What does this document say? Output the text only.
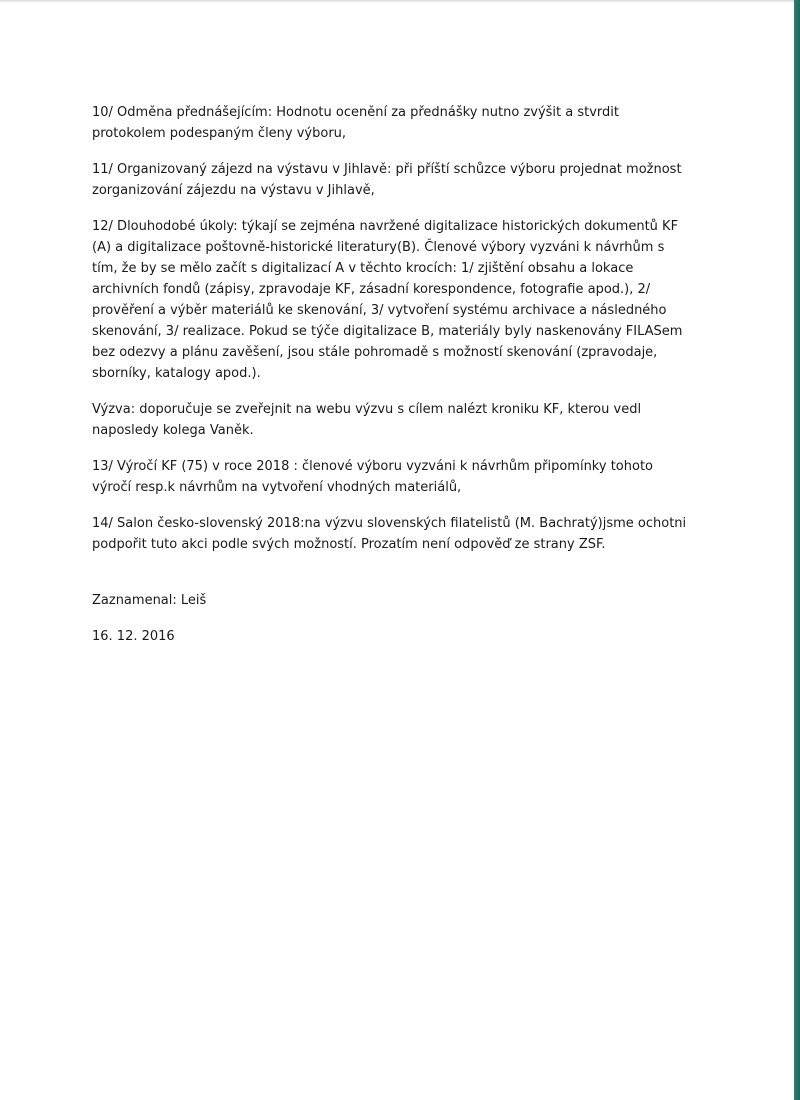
10/ Odměna přednášejícím: Hodnotu ocenění za přednášky nutno zvýšit a stvrdit protokolem podespaným členy výboru,

11/ Organizovaný zájezd na výstavu v Jihlavě: při příští schůzce výboru projednat možnost zorganizování zájezdu na výstavu v Jihlavě,

12/ Dlouhodobé úkoly: týkají se zejména navržené digitalizace historických dokumentů KF (A) a digitalizace poštovně-historické literatury(B). Členové výbory vyzváni k návrhům s tím, že by se mělo začít s digitalizací A v těchto krocích: 1/ zjištění obsahu a lokace archivních fondů (zápisy, zpravodaje KF, zásadní korespondence, fotografie apod.), 2/ prověření a výběr materiálů ke skenování, 3/ vytvoření systému archivace a následného skenování, 3/ realizace. Pokud se týče digitalizace B, materiály byly naskenovány FILASem bez odezvy a plánu zavěšení, jsou stále pohromadě s možností skenování (zpravodaje, sborníky, katalogy apod.).

Výzva: doporučuje se zveřejnit na webu výzvu s cílem nalézt kroniku KF, kterou vedl naposledy kolega Vaněk.

13/ Výročí KF (75) v roce 2018 : členové výboru vyzváni k návrhům připomínky tohoto výročí resp.k návrhům na vytvoření vhodných materiálů,

14/ Salon česko-slovenský 2018:na výzvu slovenských filatelistů (M. Bachratý)jsme ochotni podpořit tuto akci podle svých možností. Prozatím není odpověď ze strany ZSF.

Zaznamenal: Leiš

16. 12. 2016
